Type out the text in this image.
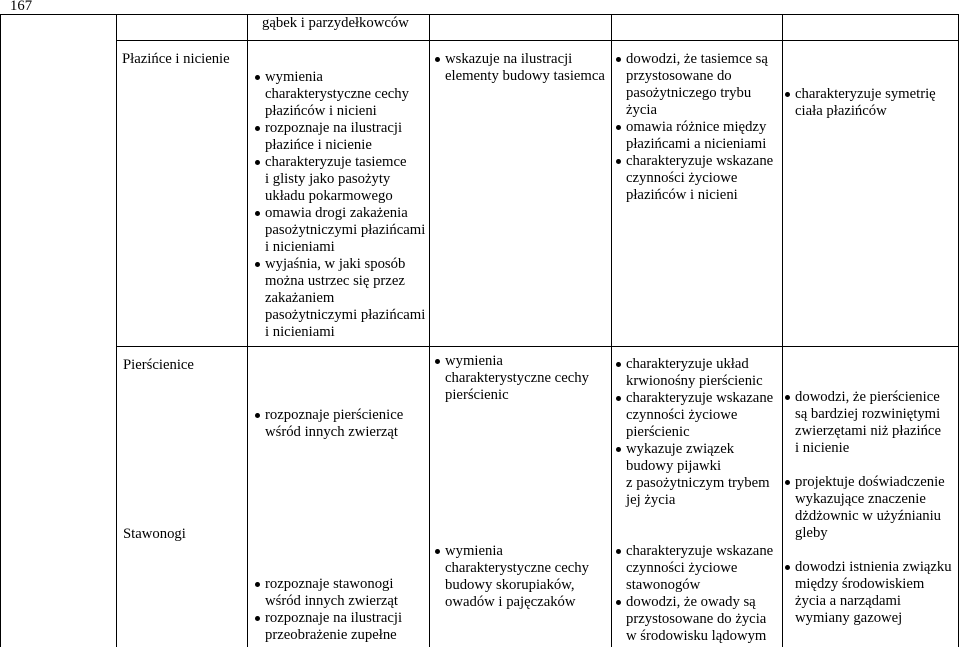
167
gąbek i parzydełkowców
Płazińce i nicienie
wymienia
charakterystyczne cechy
płazińców i nicieni
rozpoznaje na ilustracji
płazińce i nicienie
charakteryzuje tasiemce
i glisty jako pasożyty
układu pokarmowego
omawia drogi zakażenia
pasożytniczymi płazińcami
i nicieniami
wyjaśnia, w jaki sposób
można ustrzec się przez
zakażaniem
pasożytniczymi płazińcami
i nicieniami
wskazuje na ilustracji
elementy budowy tasiemca
dowodzi, że tasiemce są
przystosowane do
pasożytniczego trybu
życia
omawia różnice między
płazińcami a nicieniami
charakteryzuje wskazane
czynności życiowe
płazińców i nicieni
charakteryzuje symetrię
ciała płazińców
Pierścienice
rozpoznaje pierścienice
wśród innych zwierząt
wymienia
charakterystyczne cechy
pierścienic
charakteryzuje układ
krwionośny pierścienic
charakteryzuje wskazane
czynności życiowe
pierścienic
wykazuje związek
budowy pijawki
z pasożytniczym trybem
jej życia
dowodzi, że pierścienice
są bardziej rozwiniętymi
zwierzętami niż płazińce
i nicienie
projektuje doświadczenie
wykazujące znaczenie
dżdżownic w użyźnianiu
gleby
Stawonogi
rozpoznaje stawonogi
wśród innych zwierząt
rozpoznaje na ilustracji
przeobrażenie zupełne
wymienia
charakterystyczne cechy
budowy skorupiaków,
owadów i pajęczaków
charakteryzuje wskazane
czynności życiowe
stawonogów
dowodzi, że owady są
przystosowane do życia
w środowisku lądowym
dowodzi istnienia związku
między środowiskiem
życia a narządami
wymiany gazowej
